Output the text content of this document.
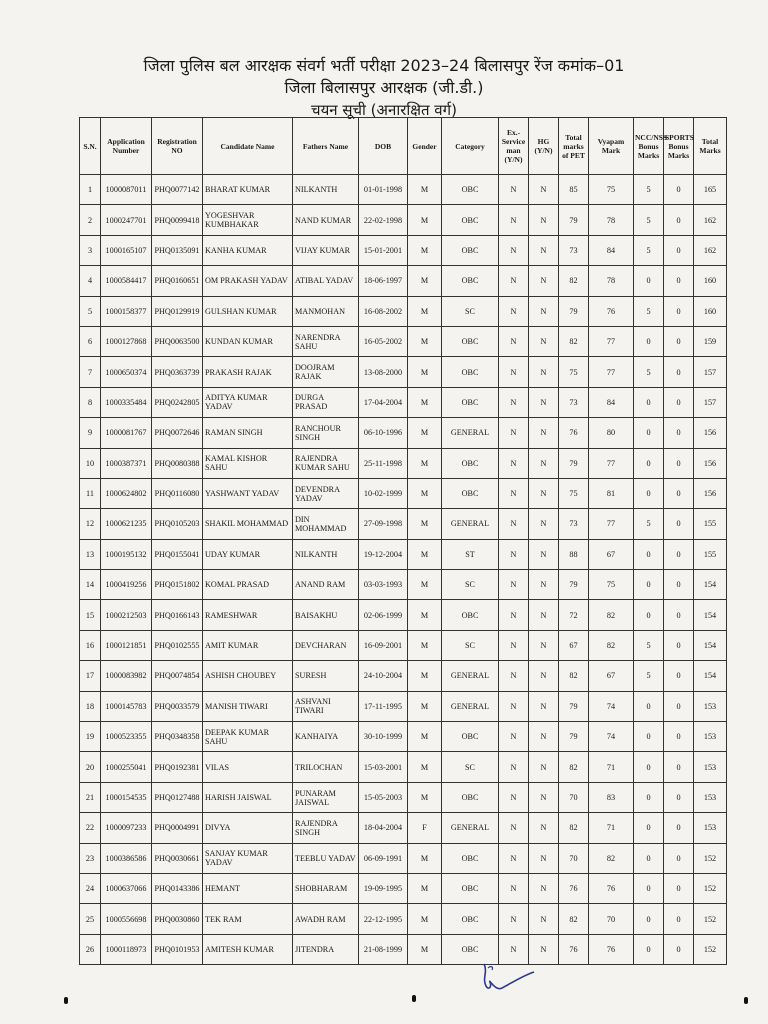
जिला पुलिस बल आरक्षक संवर्ग भर्ती परीक्षा 2023–24 बिलासपुर रेंज कमांक–01
जिला बिलासपुर आरक्षक (जी.डी.)
चयन सूची (अनारक्षित वर्ग)
S.N.	Application Number	Registration NO	Candidate Name	Fathers Name	DOB	Gender	Category	Ex.-Service man (Y/N)	HG (Y/N)	Total marks of PET	Vyapam Mark	NCC/NSS Bonus Marks	SPORTS Bonus Marks	Total Marks
1	1000087011	PHQ0077142	BHARAT KUMAR	NILKANTH	01-01-1998	M	OBC	N	N	85	75	5	0	165
2	1000247701	PHQ0099418	YOGESHVAR KUMBHAKAR	NAND KUMAR	22-02-1998	M	OBC	N	N	79	78	5	0	162
3	1000165107	PHQ0135091	KANHA KUMAR	VIJAY KUMAR	15-01-2001	M	OBC	N	N	73	84	5	0	162
4	1000584417	PHQ0160651	OM PRAKASH YADAV	ATIBAL YADAV	18-06-1997	M	OBC	N	N	82	78	0	0	160
5	1000158377	PHQ0129919	GULSHAN KUMAR	MANMOHAN	16-08-2002	M	SC	N	N	79	76	5	0	160
6	1000127868	PHQ0063500	KUNDAN KUMAR	NARENDRA SAHU	16-05-2002	M	OBC	N	N	82	77	0	0	159
7	1000650374	PHQ0363739	PRAKASH RAJAK	DOOJRAM RAJAK	13-08-2000	M	OBC	N	N	75	77	5	0	157
8	1000335484	PHQ0242805	ADITYA KUMAR YADAV	DURGA PRASAD	17-04-2004	M	OBC	N	N	73	84	0	0	157
9	1000081767	PHQ0072646	RAMAN SINGH	RANCHOUR SINGH	06-10-1996	M	GENERAL	N	N	76	80	0	0	156
10	1000387371	PHQ0080388	KAMAL KISHOR SAHU	RAJENDRA KUMAR SAHU	25-11-1998	M	OBC	N	N	79	77	0	0	156
11	1000624802	PHQ0116080	YASHWANT YADAV	DEVENDRA YADAV	10-02-1999	M	OBC	N	N	75	81	0	0	156
12	1000621235	PHQ0105203	SHAKIL MOHAMMAD	DIN MOHAMMAD	27-09-1998	M	GENERAL	N	N	73	77	5	0	155
13	1000195132	PHQ0155041	UDAY KUMAR	NILKANTH	19-12-2004	M	ST	N	N	88	67	0	0	155
14	1000419256	PHQ0151802	KOMAL PRASAD	ANAND RAM	03-03-1993	M	SC	N	N	79	75	0	0	154
15	1000212503	PHQ0166143	RAMESHWAR	BAISAKHU	02-06-1999	M	OBC	N	N	72	82	0	0	154
16	1000121851	PHQ0102555	AMIT KUMAR	DEVCHARAN	16-09-2001	M	SC	N	N	67	82	5	0	154
17	1000083982	PHQ0074854	ASHISH CHOUBEY	SURESH	24-10-2004	M	GENERAL	N	N	82	67	5	0	154
18	1000145783	PHQ0033579	MANISH TIWARI	ASHVANI TIWARI	17-11-1995	M	GENERAL	N	N	79	74	0	0	153
19	1000523355	PHQ0348358	DEEPAK KUMAR SAHU	KANHAIYA	30-10-1999	M	OBC	N	N	79	74	0	0	153
20	1000255041	PHQ0192381	VILAS	TRILOCHAN	15-03-2001	M	SC	N	N	82	71	0	0	153
21	1000154535	PHQ0127488	HARISH JAISWAL	PUNARAM JAISWAL	15-05-2003	M	OBC	N	N	70	83	0	0	153
22	1000097233	PHQ0004991	DIVYA	RAJENDRA SINGH	18-04-2004	F	GENERAL	N	N	82	71	0	0	153
23	1000386586	PHQ0030661	SANJAY KUMAR YADAV	TEEBLU YADAV	06-09-1991	M	OBC	N	N	70	82	0	0	152
24	1000637066	PHQ0143386	HEMANT	SHOBHARAM	19-09-1995	M	OBC	N	N	76	76	0	0	152
25	1000556698	PHQ0030860	TEK RAM	AWADH RAM	22-12-1995	M	OBC	N	N	82	70	0	0	152
26	1000118973	PHQ0101953	AMITESH KUMAR	JITENDRA	21-08-1999	M	OBC	N	N	76	76	0	0	152
